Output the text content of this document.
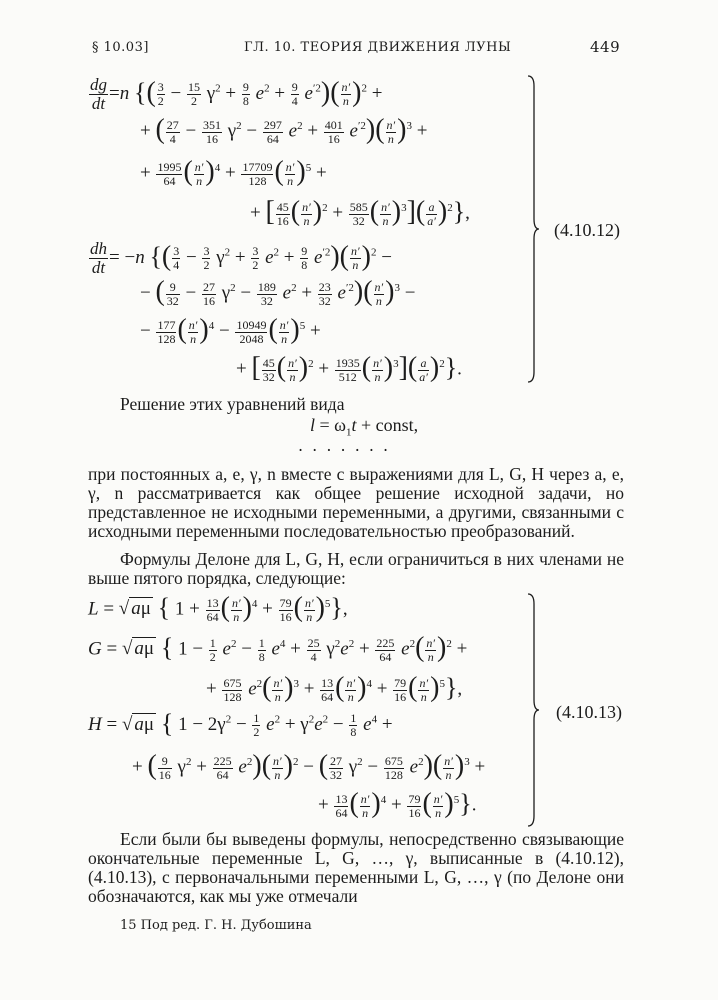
§ 10.03]	ГЛ. 10. ТЕОРИЯ ДВИЖЕНИЯ ЛУНЫ	449
$\frac{dg}{dt} =n$ {( $\frac{3}{2} - \frac{15}{2} \gamma^2 + \frac{9}{8} e^2 + \frac{9}{4} e^{'2})( \frac{n'}{n} )^2$ +
+ ( $\frac{27}{4} - \frac{351}{16} \gamma^2 - \frac{297}{64} e^2 + \frac{401}{16} e^{'2})( \frac{n'}{n} )^3$ +
+ $\frac{1995}{64}$ ( $\frac{n'}{n} )^4 + \frac{17709}{128}$ ( $\frac{n'}{n} )^5$ +
+ [ $\frac{45}{16}$ ( $\frac{n'}{n} )^2 + \frac{585}{32}$ ( $\frac{n'}{n} )^3]( \frac{a}{a'} )^2$},
$\frac{dh}{dt} = -n$ {( $\frac{3}{4} - \frac{3}{2} \gamma^2 + \frac{3}{2} e^2 + \frac{9}{8} e^{'2})( \frac{n'}{n} )^2$ −
− ( $\frac{9}{32} - \frac{27}{16} \gamma^2 - \frac{189}{32} e^2 + \frac{23}{32} e^{'2})( \frac{n'}{n} )^3$ −
− $\frac{177}{128}$ ( $\frac{n'}{n} )^4 - \frac{10949}{2048}$ ( $\frac{n'}{n} )^5$ +
+ [ $\frac{45}{32}$ ( $\frac{n'}{n} )^2 + \frac{1935}{512}$ ( $\frac{n'}{n} )^3]( \frac{a}{a'} )^2$}.
(4.10.12)
Решение этих уравнений вида
$l = \omega_1t$ + const,
. . . . . . .

при постоянных a, e, γ, n вместе с выражениями для L, G, H через a, e, γ, n рассматривается как общее решение исходной задачи, но представленное не исходными переменными, а другими, связанными с исходными переменными последовательностью преобразований.

Формулы Делоне для L, G, H, если ограничиться в них членами не выше пятого порядка, следующие:

L = √ aμ { $1 + \frac{13}{64}$ ( $\frac{n'}{n} )^4 + \frac{79}{16}$ ( $\frac{n'}{n} )^5$},
G = √ aμ { $1 - \frac{1}{2} e^2 - \frac{1}{8} e^4 + \frac{25}{4} \gamma^2e^2 + \frac{225}{64} e^2( \frac{n'}{n} )^2$ +
+ $\frac{675}{128} e^2( \frac{n'}{n} )^3 + \frac{13}{64}$ ( $\frac{n'}{n} )^4 + \frac{79}{16}$ ( $\frac{n'}{n} )^5$},
H = √ aμ { $1 - 2\gamma^2 - \frac{1}{2} e^2 + \gamma^2e^2 - \frac{1}{8} e^4$ +
+ ( $\frac{9}{16} \gamma^2 + \frac{225}{64} e^2)( \frac{n'}{n} )^2$ − ( $\frac{27}{32} \gamma^2 - \frac{675}{128} e^2)( \frac{n'}{n} )^3$ +
+ $\frac{13}{64}$ ( $\frac{n'}{n} )^4 + \frac{79}{16}$ ( $\frac{n'}{n} )^5$}.
(4.10.13)

Если были бы выведены формулы, непосредственно связывающие окончательные переменные L, G, …, γ, выписанные в (4.10.12), (4.10.13), с первоначальными переменными L, G, …, γ (по Делоне они обозначаются, как мы уже отмечали

15 Под ред. Г. Н. Дубошина
